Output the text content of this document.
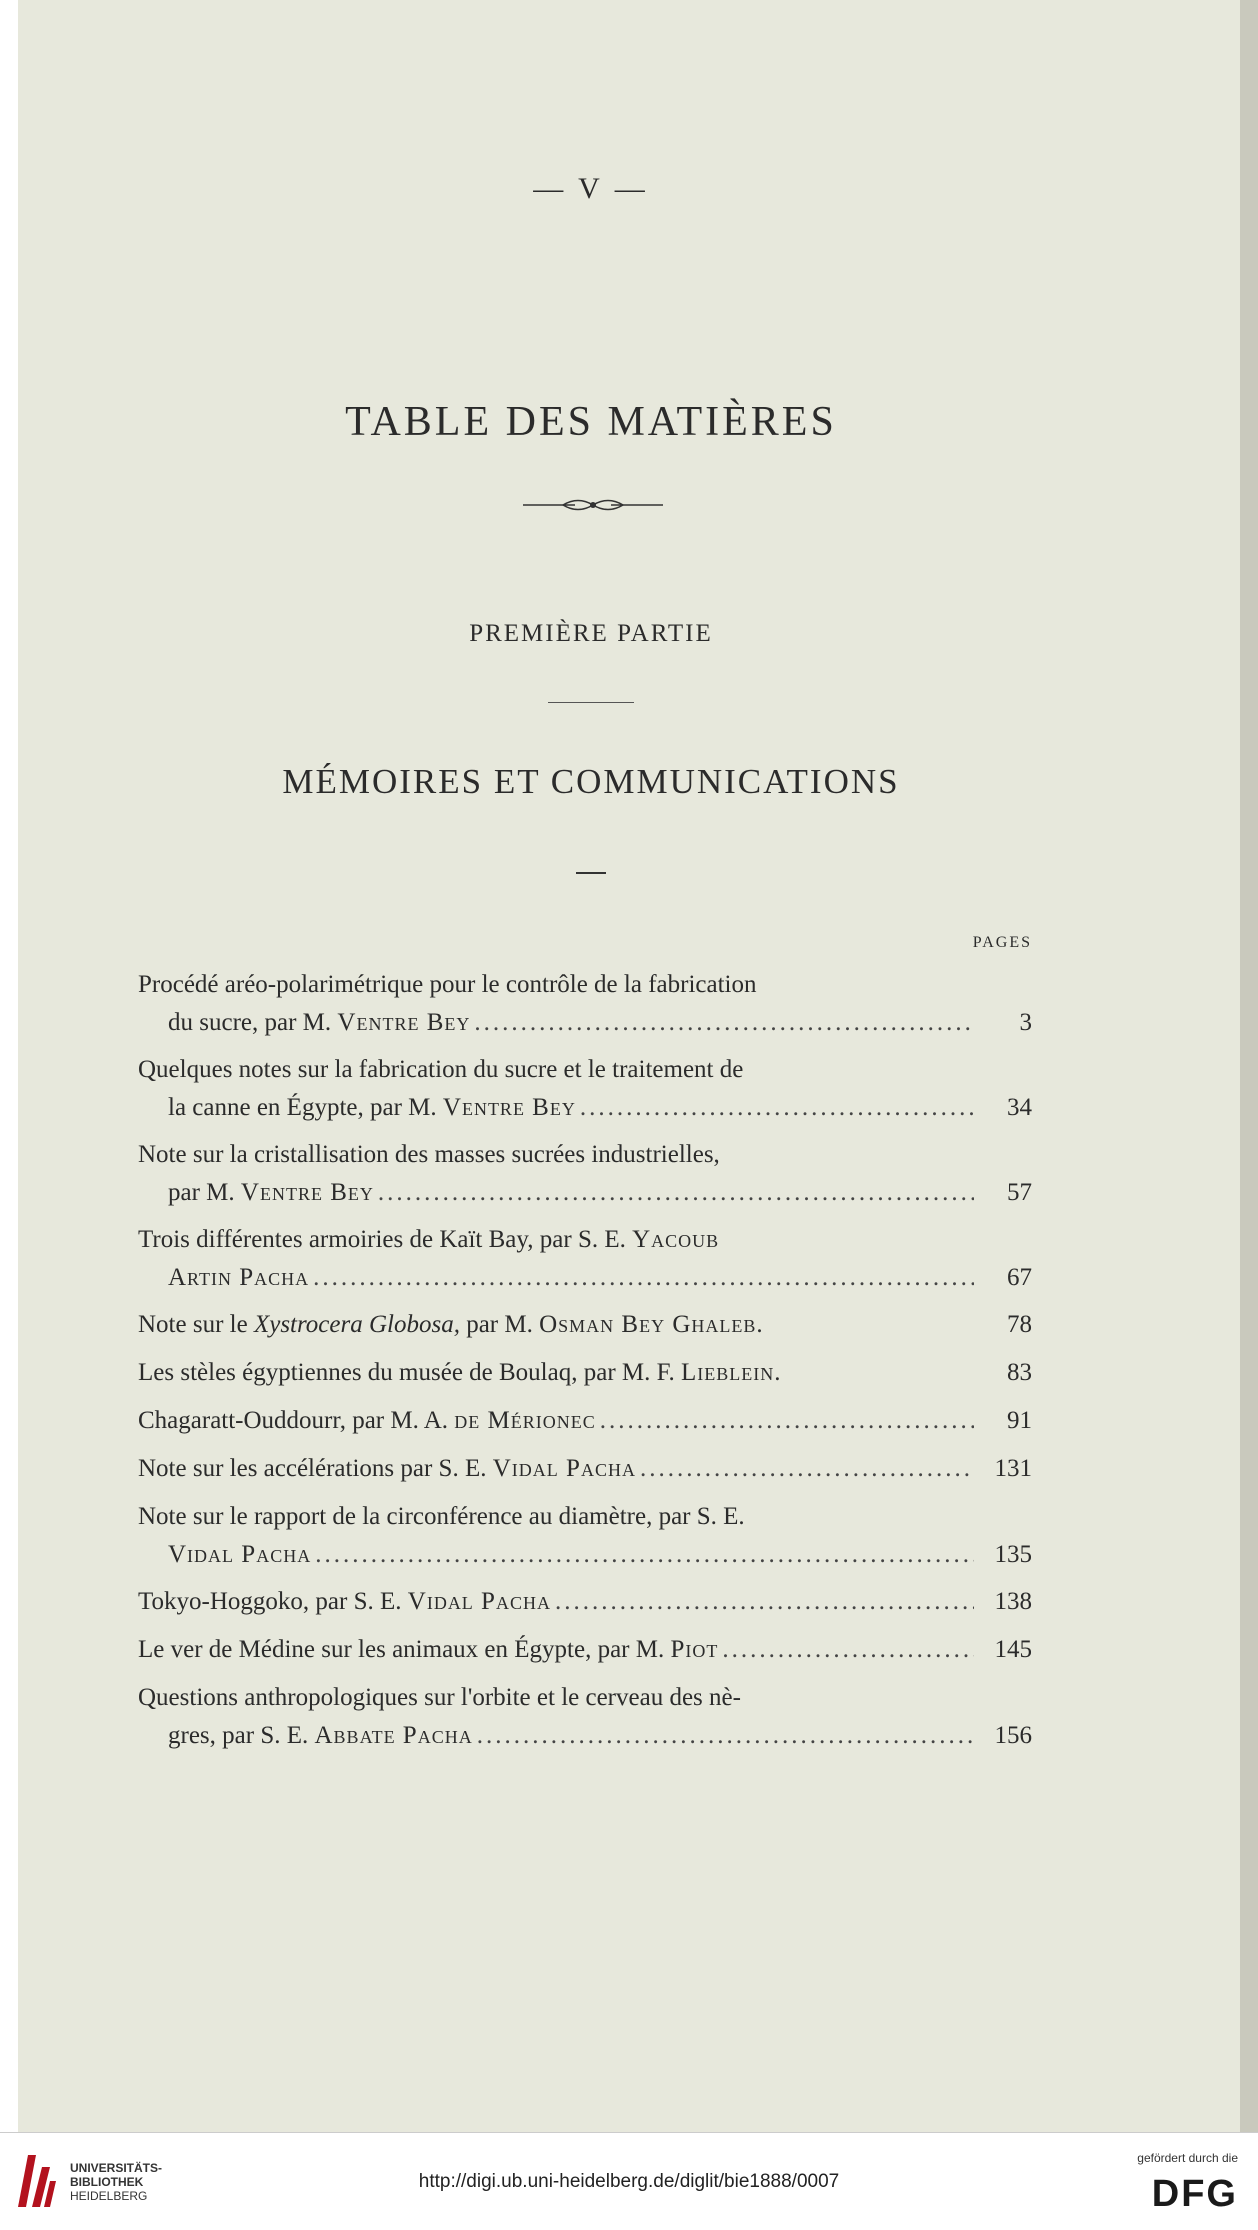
— V —
TABLE DES MATIÈRES
PREMIÈRE PARTIE
MÉMOIRES ET COMMUNICATIONS
PAGES
Procédé aréo-polarimétrique pour le contrôle de la fabrication
du sucre, par M. Ventre Bey .....	3
Quelques notes sur la fabrication du sucre et le traitement de
la canne en Égypte, par M. Ventre Bey .....	34
Note sur la cristallisation des masses sucrées industrielles,
par M. Ventre Bey .....	57
Trois différentes armoiries de Kaït Bay, par S. E. Yacoub
Artin Pacha .....	67
Note sur le Xystrocera Globosa, par M. Osman Bey Ghaleb.	78
Les stèles égyptiennes du musée de Boulaq, par M. F. Lieblein.	83
Chagaratt-Ouddourr, par M. A. de Mérionec .....	91
Note sur les accélérations par S. E. Vidal Pacha .....	131
Note sur le rapport de la circonférence au diamètre, par S. E.
Vidal Pacha .....	135
Tokyo-Hoggoko, par S. E. Vidal Pacha .....	138
Le ver de Médine sur les animaux en Égypte, par M. Piot .....	145
Questions anthropologiques sur l'orbite et le cerveau des nè-
gres, par S. E. Abbate Pacha .....	156
UNIVERSITÄTS-
BIBLIOTHEK
HEIDELBERG
http://digi.ub.uni-heidelberg.de/diglit/bie1888/0007
gefördert durch die
DFG
